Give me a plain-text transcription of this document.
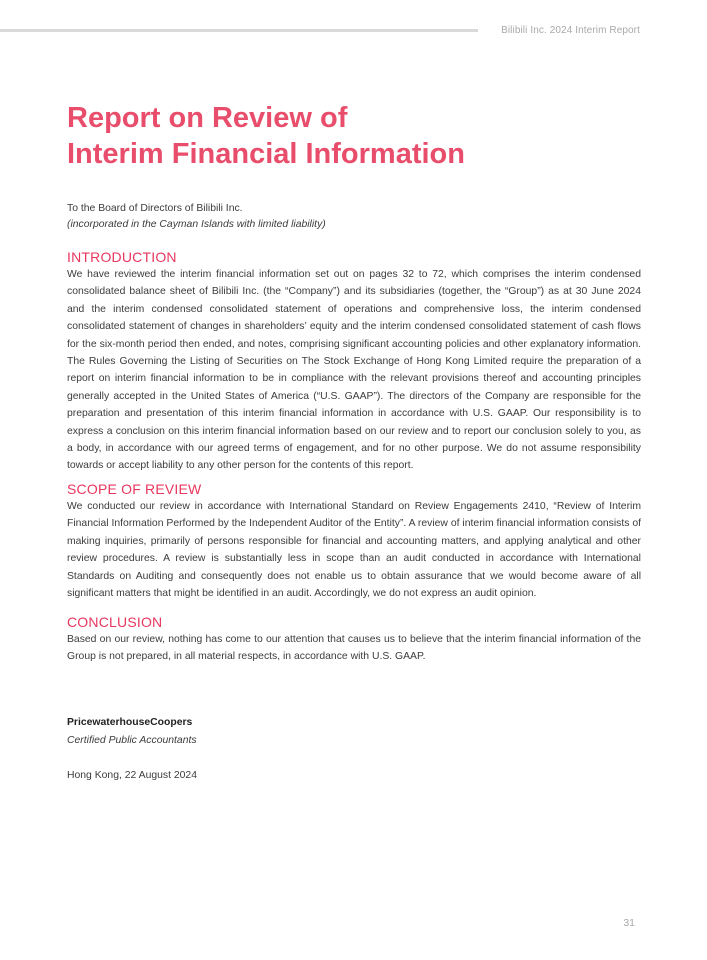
Bilibili Inc. 2024 Interim Report
Report on Review of
Interim Financial Information
To the Board of Directors of Bilibili Inc.
(incorporated in the Cayman Islands with limited liability)
INTRODUCTION

We have reviewed the interim financial information set out on pages 32 to 72, which comprises the interim condensed consolidated balance sheet of Bilibili Inc. (the “Company”) and its subsidiaries (together, the “Group”) as at 30 June 2024 and the interim condensed consolidated statement of operations and comprehensive loss, the interim condensed consolidated statement of changes in shareholders’ equity and the interim condensed consolidated statement of cash flows for the six-month period then ended, and notes, comprising significant accounting policies and other explanatory information. The Rules Governing the Listing of Securities on The Stock Exchange of Hong Kong Limited require the preparation of a report on interim financial information to be in compliance with the relevant provisions thereof and accounting principles generally accepted in the United States of America (“U.S. GAAP”). The directors of the Company are responsible for the preparation and presentation of this interim financial information in accordance with U.S. GAAP. Our responsibility is to express a conclusion on this interim financial information based on our review and to report our conclusion solely to you, as a body, in accordance with our agreed terms of engagement, and for no other purpose. We do not assume responsibility towards or accept liability to any other person for the contents of this report.

SCOPE OF REVIEW

We conducted our review in accordance with International Standard on Review Engagements 2410, “Review of Interim Financial Information Performed by the Independent Auditor of the Entity”. A review of interim financial information consists of making inquiries, primarily of persons responsible for financial and accounting matters, and applying analytical and other review procedures. A review is substantially less in scope than an audit conducted in accordance with International Standards on Auditing and consequently does not enable us to obtain assurance that we would become aware of all significant matters that might be identified in an audit. Accordingly, we do not express an audit opinion.

CONCLUSION

Based on our review, nothing has come to our attention that causes us to believe that the interim financial information of the Group is not prepared, in all material respects, in accordance with U.S. GAAP.

PricewaterhouseCoopers
Certified Public Accountants
Hong Kong, 22 August 2024
31
